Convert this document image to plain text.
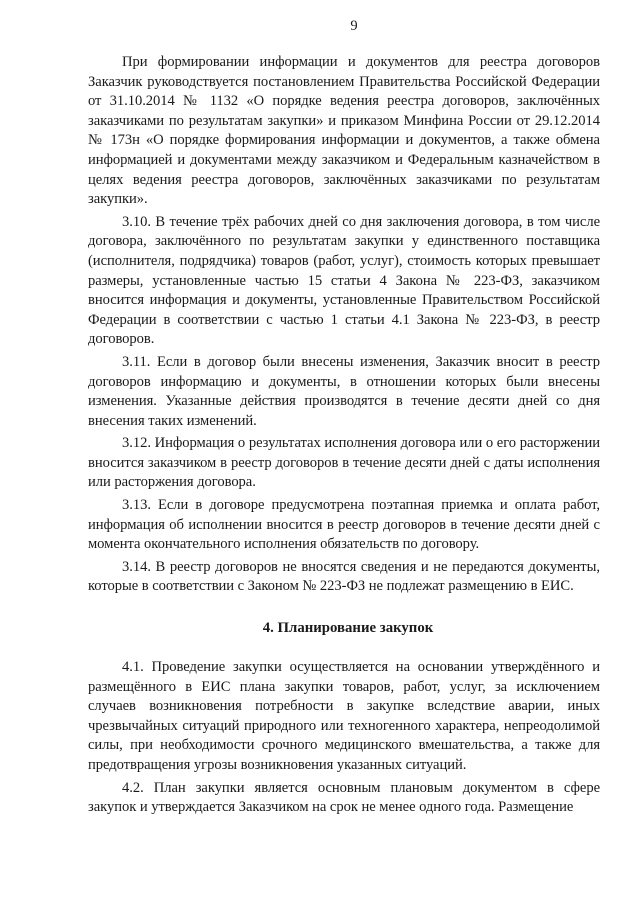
9

При формировании информации и документов для реестра договоров Заказчик руководствуется постановлением Правительства Российской Федерации от 31.10.2014 № 1132 «О порядке ведения реестра договоров, заключённых заказчиками по результатам закупки» и приказом Минфина России от 29.12.2014 № 173н «О порядке формирования информации и документов, а также обмена информацией и документами между заказчиком и Федеральным казначейством в целях ведения реестра договоров, заключённых заказчиками по результатам закупки».

3.10. В течение трёх рабочих дней со дня заключения договора, в том числе договора, заключённого по результатам закупки у единственного поставщика (исполнителя, подрядчика) товаров (работ, услуг), стоимость которых превышает размеры, установленные частью 15 статьи 4 Закона № 223-ФЗ, заказчиком вносится информация и документы, установленные Правительством Российской Федерации в соответствии с частью 1 статьи 4.1 Закона № 223-ФЗ, в реестр договоров.

3.11. Если в договор были внесены изменения, Заказчик вносит в реестр договоров информацию и документы, в отношении которых были внесены изменения. Указанные действия производятся в течение десяти дней со дня внесения таких изменений.

3.12. Информация о результатах исполнения договора или о его расторжении вносится заказчиком в реестр договоров в течение десяти дней с даты исполнения или расторжения договора.

3.13. Если в договоре предусмотрена поэтапная приемка и оплата работ, информация об исполнении вносится в реестр договоров в течение десяти дней с момента окончательного исполнения обязательств по договору.

3.14. В реестр договоров не вносятся сведения и не передаются документы, которые в соответствии с Законом № 223-ФЗ не подлежат размещению в ЕИС.

4. Планирование закупок

4.1. Проведение закупки осуществляется на основании утверждённого и размещённого в ЕИС плана закупки товаров, работ, услуг, за исключением случаев возникновения потребности в закупке вследствие аварии, иных чрезвычайных ситуаций природного или техногенного характера, непреодолимой силы, при необходимости срочного медицинского вмешательства, а также для предотвращения угрозы возникновения указанных ситуаций.

4.2. План закупки является основным плановым документом в сфере закупок и утверждается Заказчиком на срок не менее одного года. Размещение
